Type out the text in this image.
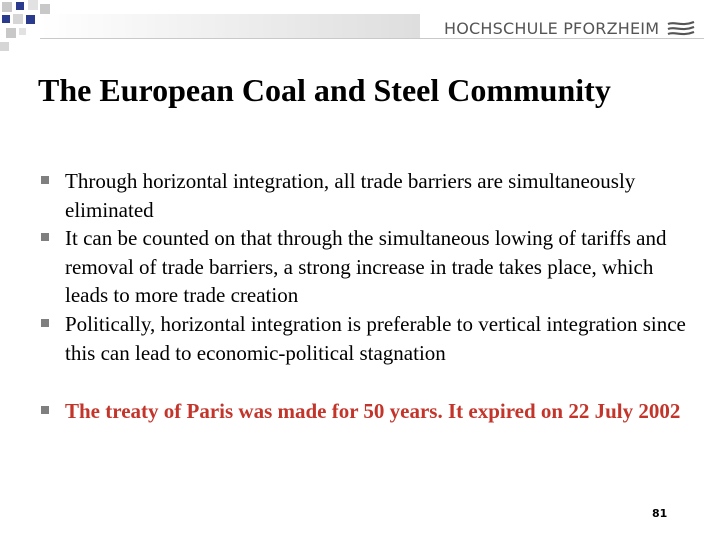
HOCHSCHULE PFORZHEIM
The European Coal and Steel Community
Through horizontal integration, all trade barriers are simultaneously eliminated
It can be counted on that through the simultaneous lowing of tariffs and removal of trade barriers, a strong increase in trade takes place, which leads to more trade creation
Politically, horizontal integration is preferable to vertical integration since this can lead to economic-political stagnation
The treaty of Paris was made for 50 years. It expired on 22 July 2002
81
